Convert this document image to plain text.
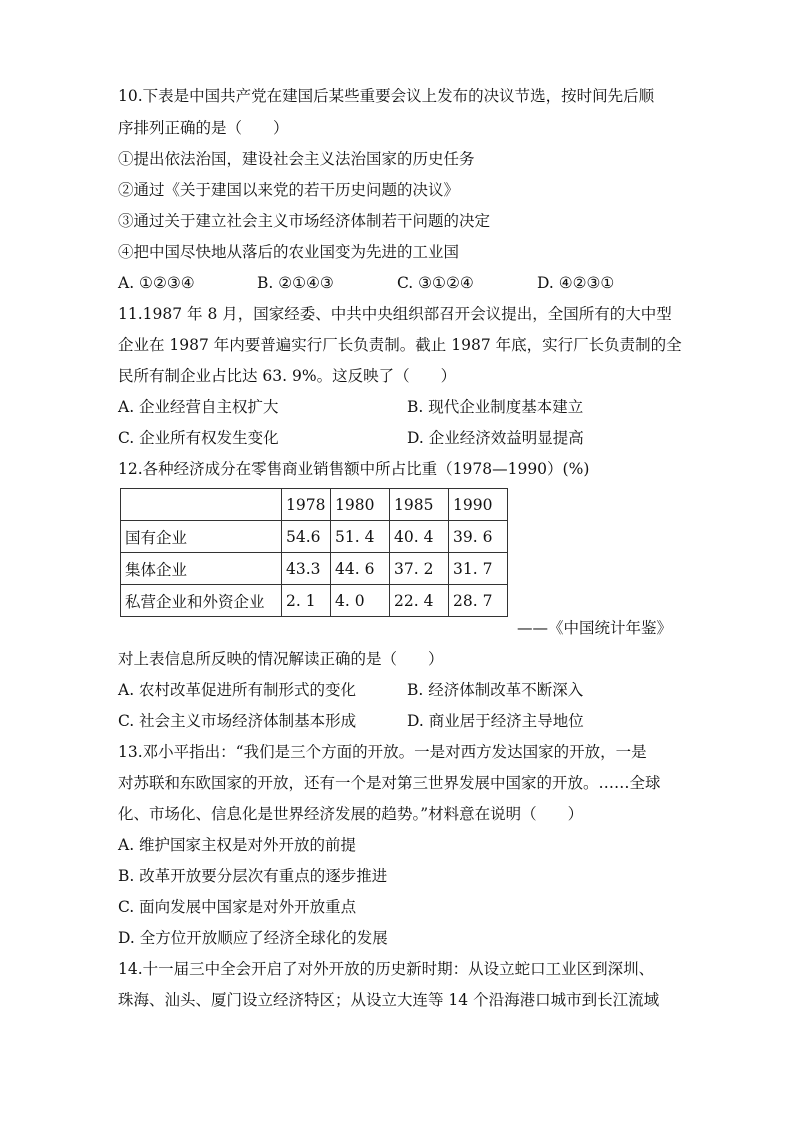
10.下表是中国共产党在建国后某些重要会议上发布的决议节选，按时间先后顺
序排列正确的是（　　）
①提出依法治国，建设社会主义法治国家的历史任务
②通过《关于建国以来党的若干历史问题的决议》
③通过关于建立社会主义市场经济体制若干问题的决定
④把中国尽快地从落后的农业国变为先进的工业国
A. ①②③④	B. ②①④③	C. ③①②④	D. ④②③①
11.1987 年 8 月，国家经委、中共中央组织部召开会议提出，全国所有的大中型
企业在 1987 年内要普遍实行厂长负责制。截止 1987 年底，实行厂长负责制的全
民所有制企业占比达 63. 9%。这反映了（　　）
A. 企业经营自主权扩大	B. 现代企业制度基本建立
C. 企业所有权发生变化	D. 企业经济效益明显提高
12.各种经济成分在零售商业销售额中所占比重（1978—1990）(%)
	1978	1980	1985	1990
国有企业	54.6	51. 4	40. 4	39. 6
集体企业	43.3	44. 6	37. 2	31. 7
私营企业和外资企业	2. 1	4. 0	22. 4	28. 7
——《中国统计年鉴》
对上表信息所反映的情况解读正确的是（　　）
A. 农村改革促进所有制形式的变化	B. 经济体制改革不断深入
C. 社会主义市场经济体制基本形成	D. 商业居于经济主导地位
13.邓小平指出：“我们是三个方面的开放。一是对西方发达国家的开放，一是
对苏联和东欧国家的开放，还有一个是对第三世界发展中国家的开放。……全球
化、市场化、信息化是世界经济发展的趋势。”材料意在说明（　　）
A. 维护国家主权是对外开放的前提
B. 改革开放要分层次有重点的逐步推进
C. 面向发展中国家是对外开放重点
D. 全方位开放顺应了经济全球化的发展
14.十一届三中全会开启了对外开放的历史新时期：从设立蛇口工业区到深圳、
珠海、汕头、厦门设立经济特区；从设立大连等 14 个沿海港口城市到长江流域
